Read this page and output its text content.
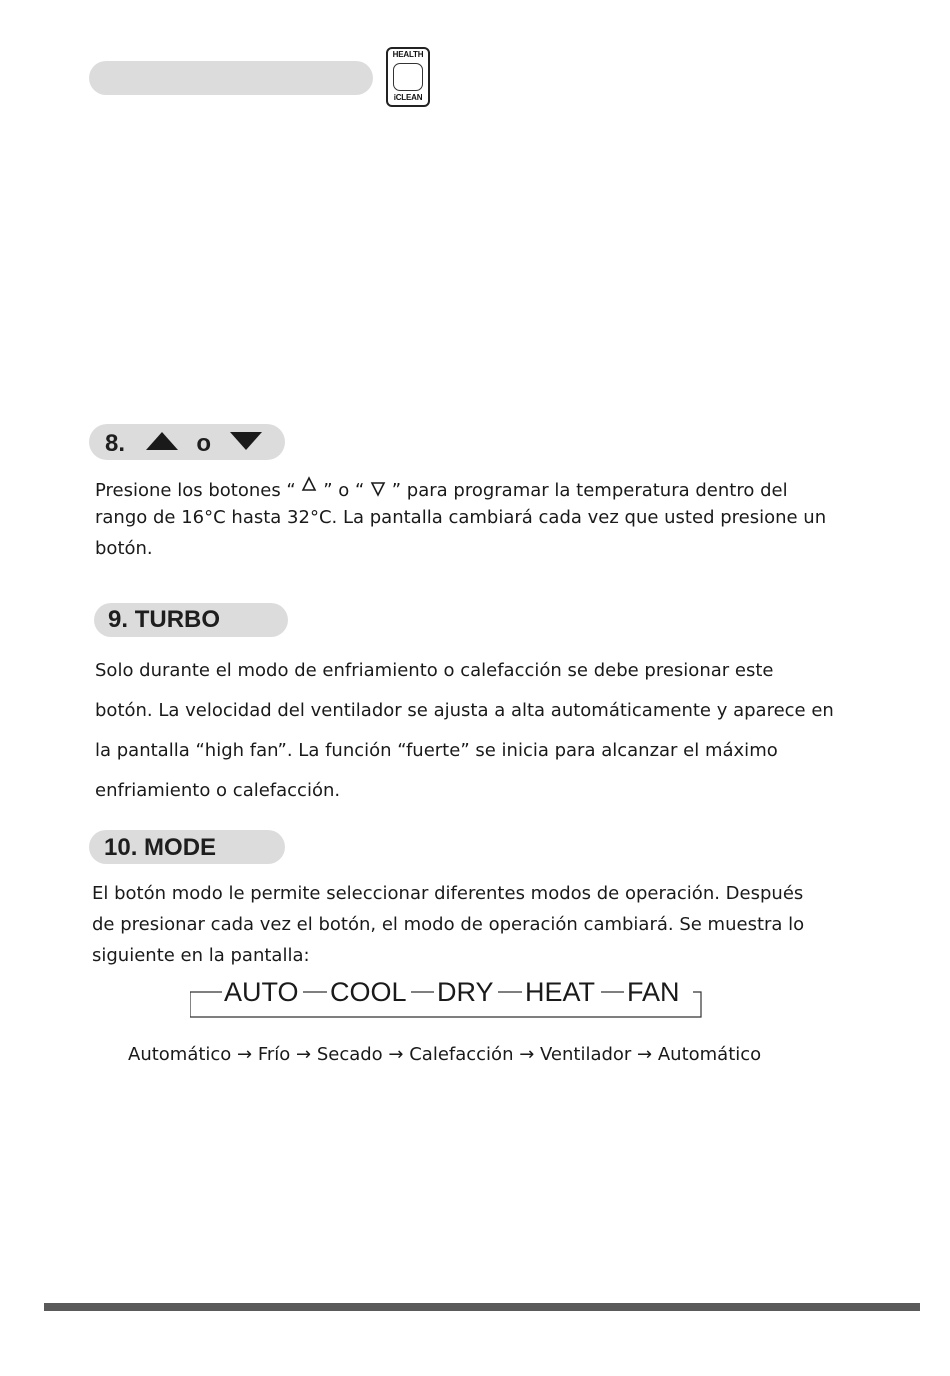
HEALTH
iCLEAN
8.	o
Presione los botones “  ” o “  ” para programar la temperatura dentro del
rango de 16°C hasta 32°C. La pantalla cambiará cada vez que usted presione un
botón.
9. TURBO
Solo durante el modo de enfriamiento o calefacción se debe presionar este
botón. La velocidad del ventilador se ajusta a alta automáticamente y aparece en
la pantalla “high fan”. La función “fuerte” se inicia para alcanzar el máximo
enfriamiento o calefacción.
10. MODE
El botón modo le permite seleccionar diferentes modos de operación. Después
de presionar cada vez el botón, el modo de operación cambiará. Se muestra lo
siguiente en la pantalla:
AUTO COOL DRY HEAT FAN
Automático → Frío → Secado → Calefacción → Ventilador → Automático
